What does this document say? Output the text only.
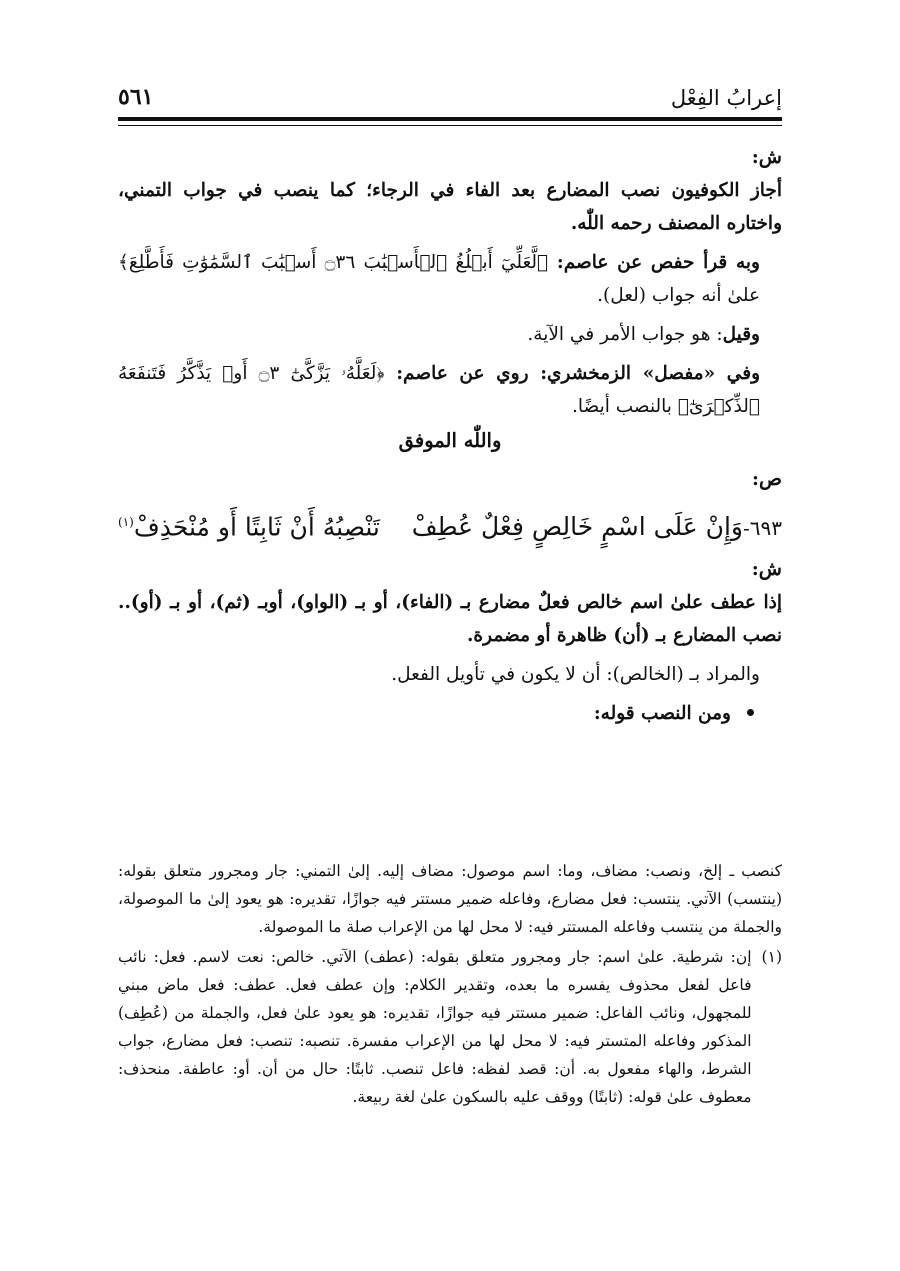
إعرابُ الفِعْل
٥٦١

ش:

أجاز الكوفيون نصب المضارع بعد الفاء في الرجاء؛ كما ينصب في جواب التمني، واختاره المصنف رحمه اللّٰه.

وبه قرأ حفص عن عاصم: ﴿لَّعَلِّيٓ أَبۡلُغُ ٱلۡأَسۡبَٰبَ ۝٣٦ أَسۡبَٰبَ ٱلسَّمَٰوَٰتِ فَأَطَّلِعَ﴾ علىٰ أنه جواب (لعل).

وقيل: هو جواب الأمر في الآية.

وفي «مفصل» الزمخشري: روي عن عاصم: ﴿لَعَلَّهُۥ يَزَّكَّىٰٓ ۝٣ أَوۡ يَذَّكَّرُ فَتَنفَعَهُ ٱلذِّكۡرَىٰٓ﴾ بالنصب أيضًا.

واللّٰه الموفق

ص:

٦٩٣-وَإِنْ عَلَى اسْمٍ خَالِصٍ فِعْلٌ عُطِفْ
تَنْصِبُهُ أَنْ ثَابِتًا أَو مُنْحَذِفْ$^{(١)}$

ش:

إذا عطف علىٰ اسم خالص فعلٌ مضارع بـ (الفاء)، أو بـ (الواو)، أوبـ (ثم)، أو بـ (أو).. نصب المضارع بـ (أن) ظاهرة أو مضمرة.

والمراد بـ (الخالص): أن لا يكون في تأويل الفعل.

ومن النصب قوله:

كنصب ـ إلخ، ونصب: مضاف، وما: اسم موصول: مضاف إليه. إلىٰ التمني: جار ومجرور متعلق بقوله: (ينتسب) الآتي. ينتسب: فعل مضارع، وفاعله ضمير مستتر فيه جوازًا، تقديره: هو يعود إلىٰ ما الموصولة، والجملة من ينتسب وفاعله المستتر فيه: لا محل لها من الإعراب صلة ما الموصولة.

(١)

إن: شرطية. علىٰ اسم: جار ومجرور متعلق بقوله: (عطف) الآتي. خالص: نعت لاسم. فعل: نائب فاعل لفعل محذوف يفسره ما بعده، وتقدير الكلام: وإن عطف فعل. عطف: فعل ماض مبني للمجهول، ونائب الفاعل: ضمير مستتر فيه جوازًا، تقديره: هو يعود علىٰ فعل، والجملة من (عُطِف) المذكور وفاعله المتستر فيه: لا محل لها من الإعراب مفسرة. تنصبه: تنصب: فعل مضارع، جواب الشرط، والهاء مفعول به. أن: قصد لفظه: فاعل تنصب. ثابتًا: حال من أن. أو: عاطفة. منحذف: معطوف علىٰ قوله: (ثابتًا) ووقف عليه بالسكون علىٰ لغة ربيعة.
